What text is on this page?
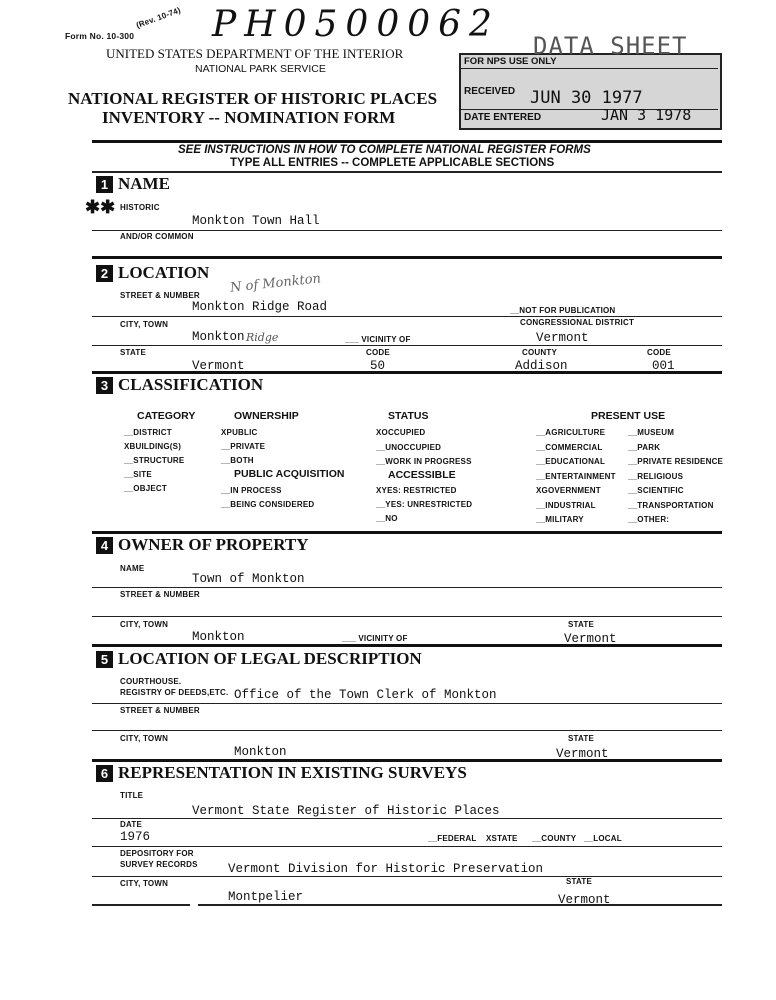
Form No. 10-300
(Rev. 10-74) PH0500062
UNITED STATES DEPARTMENT OF THE INTERIOR
NATIONAL PARK SERVICE
NATIONAL REGISTER OF HISTORIC PLACES
INVENTORY -- NOMINATION FORM
DATA SHEET
FOR NPS USE ONLY
RECEIVED JUN 30 1977
DATE ENTERED	JAN 3 1978
SEE INSTRUCTIONS IN HOW TO COMPLETE NATIONAL REGISTER FORMS
TYPE ALL ENTRIES -- COMPLETE APPLICABLE SECTIONS
1 NAME
✱✱ HISTORIC
Monkton Town Hall
AND/OR COMMON
2 LOCATION N of Monkton
STREET & NUMBER
Monkton Ridge Road	__NOT FOR PUBLICATION
CITY, TOWN	CONGRESSIONAL DISTRICT
Monkton Ridge	___ VICINITY OF	Vermont
STATE	CODE	COUNTY	CODE
Vermont	50	Addison	001
3 CLASSIFICATION
CATEGORY
__DISTRICT
XBUILDING(S)
__STRUCTURE
__SITE
__OBJECT
OWNERSHIP
XPUBLIC
__PRIVATE
__BOTH
PUBLIC ACQUISITION
__IN PROCESS
__BEING CONSIDERED
STATUS
XOCCUPIED
__UNOCCUPIED
__WORK IN PROGRESS
ACCESSIBLE
XYES: RESTRICTED
__YES: UNRESTRICTED
__NO
PRESENT USE
__AGRICULTURE
__COMMERCIAL
__EDUCATIONAL
__ENTERTAINMENT
XGOVERNMENT
__INDUSTRIAL
__MILITARY
__MUSEUM
__PARK
__PRIVATE RESIDENCE
__RELIGIOUS
__SCIENTIFIC
__TRANSPORTATION
__OTHER:
4 OWNER OF PROPERTY
NAME
Town of Monkton
STREET & NUMBER
CITY, TOWN	STATE
Monkton	___ VICINITY OF	Vermont
5 LOCATION OF LEGAL DESCRIPTION
COURTHOUSE.
REGISTRY OF DEEDS,ETC. Office of the Town Clerk of Monkton
STREET & NUMBER
CITY, TOWN	STATE
Monkton	Vermont
6 REPRESENTATION IN EXISTING SURVEYS
TITLE
Vermont State Register of Historic Places
DATE
1976	__FEDERAL XSTATE __COUNTY __LOCAL
DEPOSITORY FOR
SURVEY RECORDS Vermont Division for Historic Preservation
CITY, TOWN	STATE
Montpelier	Vermont
